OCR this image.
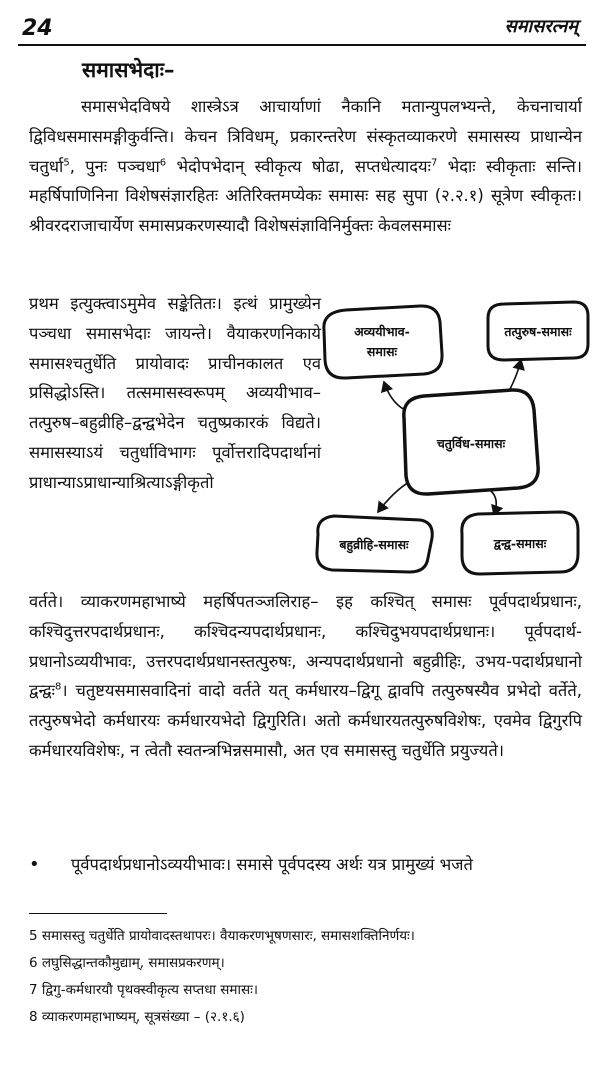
24	समासरत्नम्
समासभेदाः–
समासभेदविषये शास्त्रेऽत्र आचार्याणां नैकानि मतान्युपलभ्यन्ते, केचनाचार्या द्विविधसमासमङ्गीकुर्वन्ति। केचन त्रिविधम्, प्रकारन्तरेण संस्कृतव्याकरणे समासस्य प्राधान्येन चतुर्धा$^5$, पुनः पञ्चधा$^6$ भेदोपभेदान् स्वीकृत्य षोढा, सप्तधेत्यादयः$^7$ भेदाः स्वीकृताः सन्ति। महर्षिपाणिनिना विशेषसंज्ञारहितः अतिरिक्तमप्येकः समासः सह सुपा (२.२.१) सूत्रेण स्वीकृतः। श्रीवरदराजाचार्येण समासप्रकरणस्यादौ विशेषसंज्ञाविनिर्मुक्तः केवलसमासः
प्रथम इत्युक्त्वाऽमुमेव सङ्केतितः। इत्थं प्रामुख्येन पञ्चधा समासभेदाः जायन्ते। वैयाकरणनिकाये समासश्चतुर्धेति प्रायोवादः प्राचीनकालत एव प्रसिद्धोऽस्ति। तत्समासस्वरूपम् अव्ययीभाव–तत्पुरुष–बहुव्रीहि–द्वन्द्वभेदेन चतुष्प्रकारकं विद्यते। समासस्याऽयं चतुर्धाविभागः पूर्वोत्तरादिपदार्थानां प्राधान्याऽप्राधान्याश्रित्याऽङ्गीकृतो
अव्ययीभाव-
समासः
तत्पुरुष-समासः
चतुर्विध-समासः
बहुव्रीहि-समासः	द्वन्द्व-समासः
वर्तते। व्याकरणमहाभाष्ये महर्षिपतञ्जलिराह– इह कश्चित् समासः पूर्वपदार्थप्रधानः, कश्चिदुत्तरपदार्थप्रधानः, कश्चिदन्यपदार्थप्रधानः, कश्चिदुभयपदार्थप्रधानः। पूर्वपदार्थ-प्रधानोऽव्ययीभावः, उत्तरपदार्थप्रधानस्तत्पुरुषः, अन्यपदार्थप्रधानो बहुव्रीहिः, उभय-पदार्थप्रधानो द्वन्द्वः$^8$। चतुष्टयसमासवादिनां वादो वर्तते यत् कर्मधारय–द्विगू द्वावपि तत्पुरुषस्यैव प्रभेदो वर्तेते, तत्पुरुषभेदो कर्मधारयः कर्मधारयभेदो द्विगुरिति। अतो कर्मधारयतत्पुरुषविशेषः, एवमेव द्विगुरपि कर्मधारयविशेषः, न त्वेतौ स्वतन्त्रभिन्नसमासौ, अत एव समासस्तु चतुर्धेति प्रयुज्यते।
• पूर्वपदार्थप्रधानोऽव्ययीभावः। समासे पूर्वपदस्य अर्थः यत्र प्रामुख्यं भजते
5 समासस्तु चतुर्धेति प्रायोवादस्तथापरः। वैयाकरणभूषणसारः, समासशक्तिनिर्णयः।
6 लघुसिद्धान्तकौमुद्याम्, समासप्रकरणम्।
7 द्विगु-कर्मधारयौ पृथक्स्वीकृत्य सप्तधा समासः।
8 व्याकरणमहाभाष्यम्, सूत्रसंख्या – (२.१.६)
